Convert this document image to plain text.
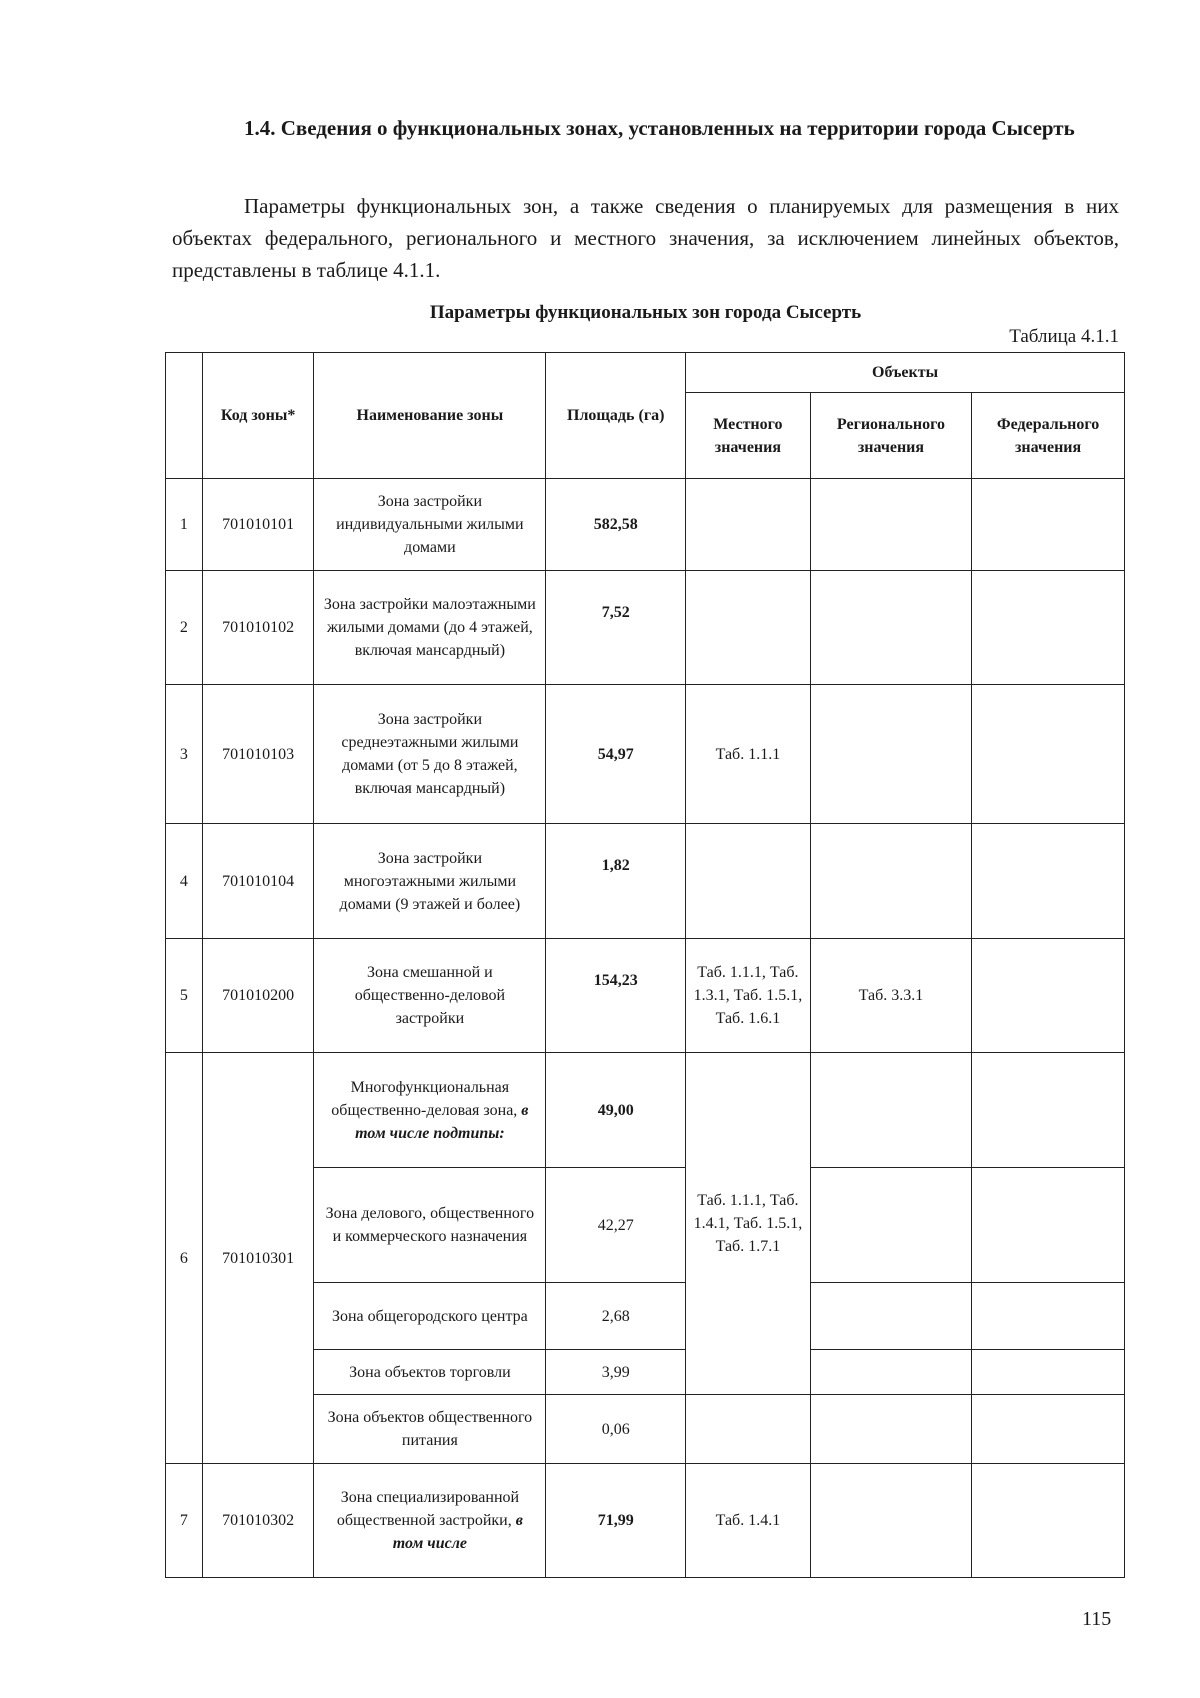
1.4. Сведения о функциональных зонах, установленных на территории города Сысерть

Параметры функциональных зон, а также сведения о планируемых для размещения в них объектах федерального, регионального и местного значения, за исключением линейных объектов, представлены в таблице 4.1.1.

Параметры функциональных зон города Сысерть

Таблица 4.1.1

	Код зоны*	Наименование зоны	Площадь (га)	Объекты		
				Местного значения	Регионального значения	Федерального значения
1	701010101	Зона застройки индивидуальными жилыми домами	582,58			
2	701010102	Зона застройки малоэтажными жилыми домами (до 4 этажей, включая мансардный)	7,52			
3	701010103	Зона застройки среднеэтажными жилыми домами (от 5 до 8 этажей, включая мансардный)	54,97	Таб. 1.1.1		
4	701010104	Зона застройки многоэтажными жилыми домами (9 этажей и более)	1,82			
5	701010200	Зона смешанной и общественно-деловой застройки	154,23	Таб. 1.1.1, Таб. 1.3.1, Таб. 1.5.1, Таб. 1.6.1	Таб. 3.3.1	
6	701010301	Многофункциональная общественно-деловая зона, в том числе подтипы:	49,00	Таб. 1.1.1, Таб. 1.4.1, Таб. 1.5.1, Таб. 1.7.1		
		Зона делового, общественного и коммерческого назначения	42,27			
		Зона общегородского центра	2,68			
		Зона объектов торговли	3,99			
		Зона объектов общественного питания	0,06			
7	701010302	Зона специализированной общественной застройки, в том числе	71,99	Таб. 1.4.1		

115
